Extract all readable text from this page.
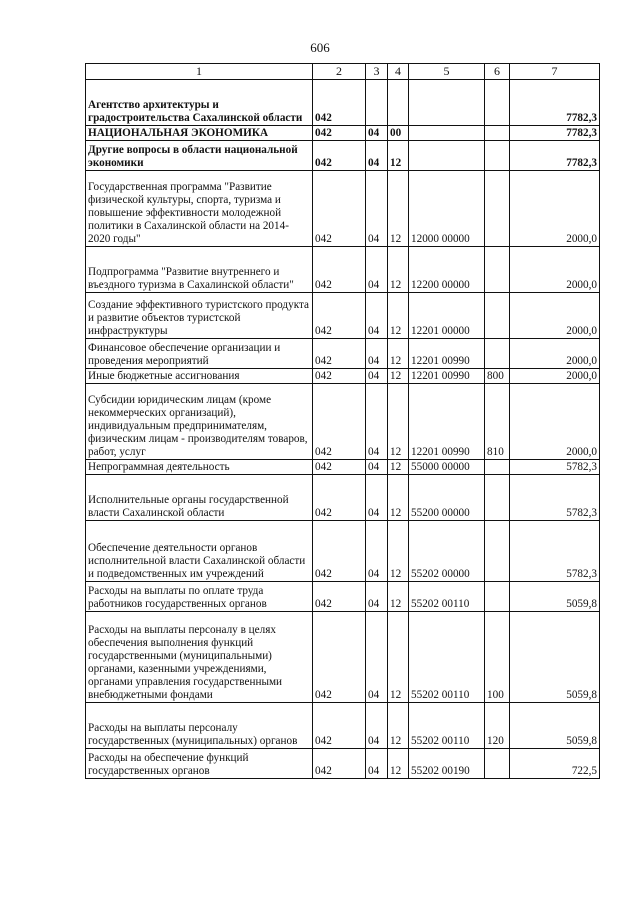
606
1	2	3	4	5	6	7
Агентство архитектуры и градостроительства Сахалинской области	042					7782,3
НАЦИОНАЛЬНАЯ ЭКОНОМИКА	042	04	00			7782,3
Другие вопросы в области национальной экономики	042	04	12			7782,3
Государственная программа "Развитие физической культуры, спорта, туризма и повышение эффективности молодежной политики в Сахалинской области на 2014-2020 годы"	042	04	12	12000 00000		2000,0
Подпрограмма "Развитие внутреннего и въездного туризма в Сахалинской области"	042	04	12	12200 00000		2000,0
Создание эффективного туристского продукта и развитие объектов туристской инфраструктуры	042	04	12	12201 00000		2000,0
Финансовое обеспечение организации и проведения мероприятий	042	04	12	12201 00990		2000,0
Иные бюджетные ассигнования	042	04	12	12201 00990	800	2000,0
Субсидии юридическим лицам (кроме некоммерческих организаций), индивидуальным предпринимателям, физическим лицам - производителям товаров, работ, услуг	042	04	12	12201 00990	810	2000,0
Непрограммная деятельность	042	04	12	55000 00000		5782,3
Исполнительные органы государственной власти Сахалинской области	042	04	12	55200 00000		5782,3
Обеспечение деятельности органов исполнительной власти Сахалинской области и подведомственных им учреждений	042	04	12	55202 00000		5782,3
Расходы на выплаты по оплате труда работников государственных органов	042	04	12	55202 00110		5059,8
Расходы на выплаты персоналу в целях обеспечения выполнения функций государственными (муниципальными) органами, казенными учреждениями, органами управления государственными внебюджетными фондами	042	04	12	55202 00110	100	5059,8
Расходы на выплаты персоналу государственных (муниципальных) органов	042	04	12	55202 00110	120	5059,8
Расходы на обеспечение функций государственных органов	042	04	12	55202 00190		722,5
